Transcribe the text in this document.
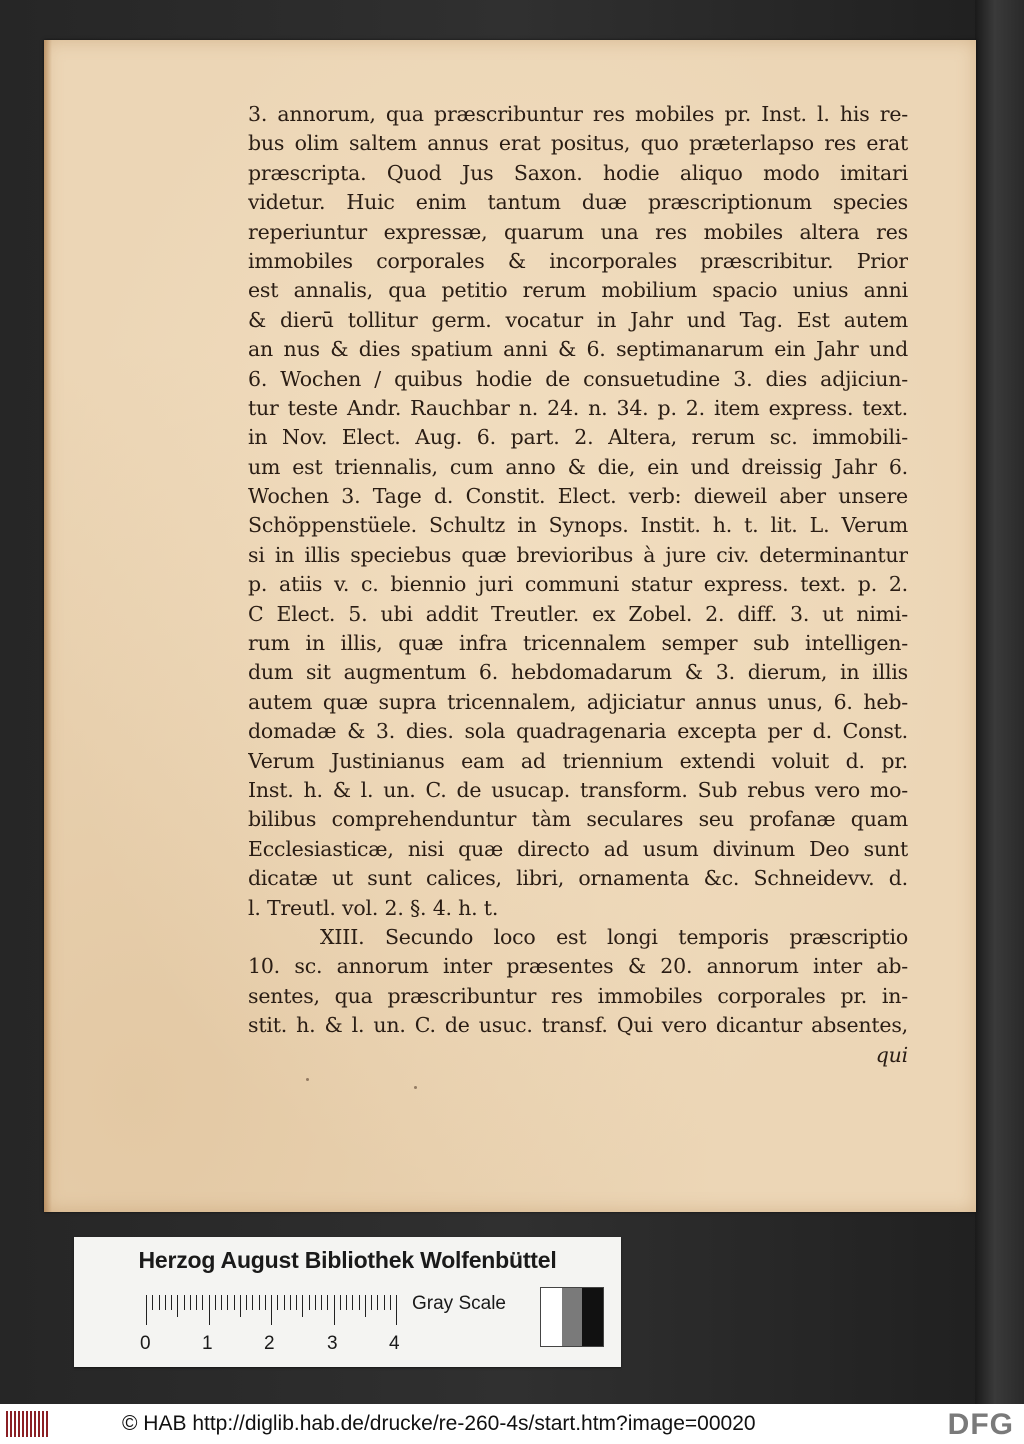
3. annorum, qua præscribuntur res mobiles pr. Inst. l. his re-
bus olim saltem annus erat positus, quo præterlapso res erat
præscripta. Quod Jus Saxon. hodie aliquo modo imitari
videtur. Huic enim tantum duæ præscriptionum species
reperiuntur expressæ, quarum una res mobiles altera res
immobiles corporales & incorporales præscribitur. Prior
est annalis, qua petitio rerum mobilium spacio unius anni
& dierū tollitur germ. vocatur in Jahr und Tag. Est autem
an nus & dies spatium anni & 6. septimanarum ein Jahr und
6. Wochen / quibus hodie de consuetudine 3. dies adjiciun-
tur teste Andr. Rauchbar n. 24. n. 34. p. 2. item express. text.
in Nov. Elect. Aug. 6. part. 2. Altera, rerum sc. immobili-
um est triennalis, cum anno & die, ein und dreissig Jahr 6.
Wochen 3. Tage d. Constit. Elect. verb: dieweil aber unsere
Schöppenstüele. Schultz in Synops. Instit. h. t. lit. L. Verum
si in illis speciebus quæ brevioribus à jure civ. determinantur
p. atiis v. c. biennio juri communi statur express. text. p. 2.
C Elect. 5. ubi addit Treutler. ex Zobel. 2. diff. 3. ut nimi-
rum in illis, quæ infra tricennalem semper sub intelligen-
dum sit augmentum 6. hebdomadarum & 3. dierum, in illis
autem quæ supra tricennalem, adjiciatur annus unus, 6. heb-
domadæ & 3. dies. sola quadragenaria excepta per d. Const.
Verum Justinianus eam ad triennium extendi voluit d. pr.
Inst. h. & l. un. C. de usucap. transform. Sub rebus vero mo-
bilibus comprehenduntur tàm seculares seu profanæ quam
Ecclesiasticæ, nisi quæ directo ad usum divinum Deo sunt
dicatæ ut sunt calices, libri, ornamenta &c. Schneidevv. d.
l. Treutl. vol. 2. §. 4. h. t.
XIII. Secundo loco est longi temporis præscriptio
10. sc. annorum inter præsentes & 20. annorum inter ab-
sentes, qua præscribuntur res immobiles corporales pr. in-
stit. h. & l. un. C. de usuc. transf. Qui vero dicantur absentes,
qui
Herzog August Bibliothek Wolfenbüttel
0	1	2	3	4
Gray Scale
© HAB http://diglib.hab.de/drucke/re-260-4s/start.htm?image=00020	DFG
